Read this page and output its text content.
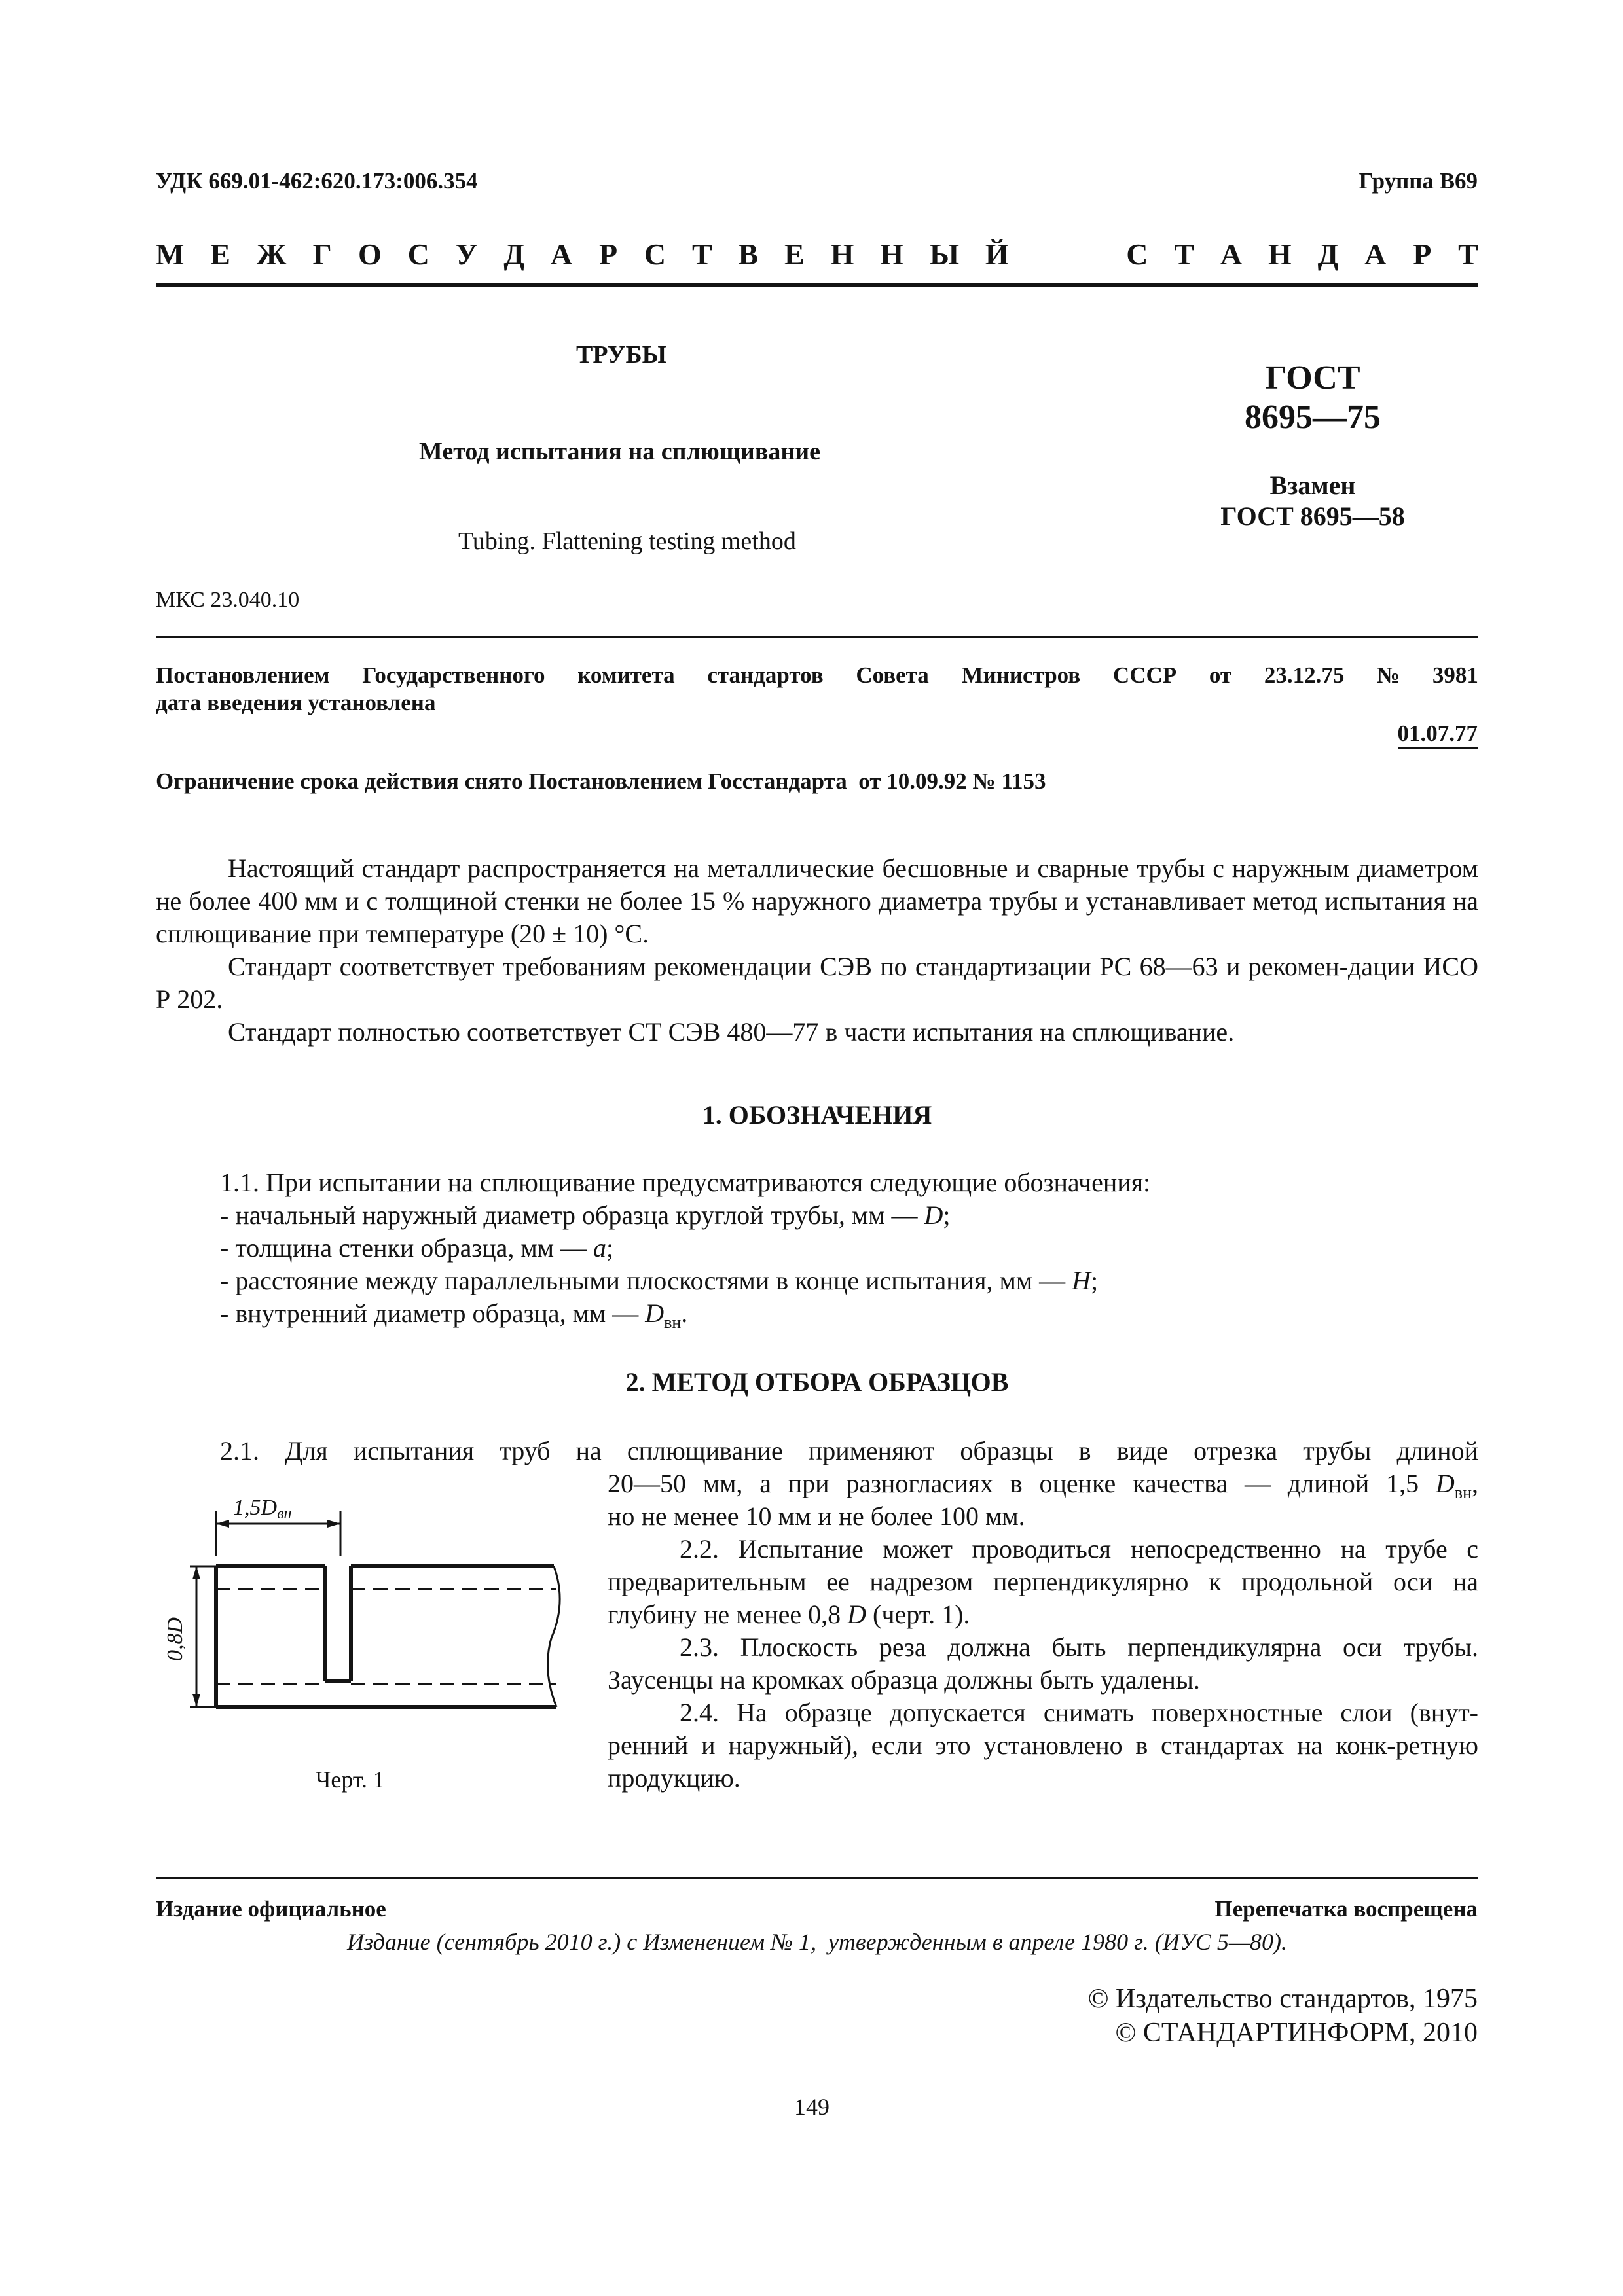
УДК 669.01-462:620.173:006.354	Группа В69
М Е Ж Г О С У Д А Р С Т В Е Н Н Ы Й	С Т А Н Д А Р Т
ТРУБЫ
Метод испытания на сплющивание
Tubing. Flattening testing method
ГОСТ
8695—75
Взамен
ГОСТ 8695—58
МКС 23.040.10
Постановлением Государственного комитета стандартов Совета Министров СССР от 23.12.75 № 3981
дата введения установлена
01.07.77
Ограничение срока действия снято Постановлением Госстандарта  от 10.09.92 № 1153
Настоящий стандарт распространяется на металлические бесшовные и сварные трубы с наружным диаметром не более 400 мм и с толщиной стенки не более 15 % наружного диаметра трубы и устанавливает метод испытания на сплющивание при температуре (20 ± 10) °С.
Стандарт соответствует требованиям рекомендации СЭВ по стандартизации PC 68—63 и рекомен-дации ИСО Р 202.
Стандарт полностью соответствует СТ СЭВ 480—77 в части испытания на сплющивание.
1. ОБОЗНАЧЕНИЯ
1.1. При испытании на сплющивание предусматриваются следующие обозначения:
- начальный наружный диаметр образца круглой трубы, мм — D;
- толщина стенки образца, мм — a;
- расстояние между параллельными плоскостями в конце испытания, мм — H;
- внутренний диаметр образца, мм — $D_{вн}$.
2. МЕТОД ОТБОРА ОБРАЗЦОВ
2.1. Для испытания труб на сплющивание применяют образцы в виде отрезка трубы длиной
20—50 мм, а при разногласиях в оценке качества — длиной 1,5 $D_{вн}$,
но не менее 10 мм и не более 100 мм.
2.2. Испытание может проводиться непосредственно на трубе с предварительным ее надрезом перпендикулярно к продольной оси на глубину не менее 0,8 D (черт. 1).
2.3. Плоскость реза должна быть перпендикулярна оси трубы. Заусенцы на кромках образца должны быть удалены.
2.4. На образце допускается снимать поверхностные слои (внут-ренний и наружный), если это установлено в стандартах на конк-ретную продукцию.
1,5Dвн
0,8D
Черт. 1
Издание официальное	Перепечатка воспрещена
Издание (сентябрь 2010 г.) с Изменением № 1,  утвержденным в апреле 1980 г. (ИУС 5—80).
© Издательство стандартов, 1975
© СТАНДАРТИНФОРМ, 2010
149
